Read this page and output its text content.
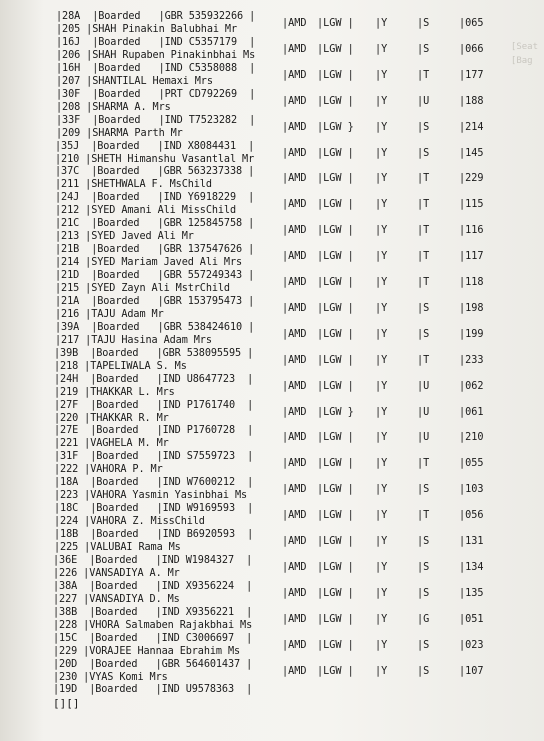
[Seat
[Bag
|28A  |Boarded   |GBR 535932266 |
|205 |SHAH Pinakin Balubhai Mr
|AMD |LGW | |Y	|S	|065
|16J  |Boarded   |IND C5357179  |
|206 |SHAH Rupaben Pinakinbhai Ms
|AMD |LGW | |Y	|S	|066
|16H  |Boarded   |IND C5358088  |
|207 |SHANTILAL Hemaxi Mrs
|AMD |LGW | |Y	|T	|177
|30F  |Boarded   |PRT CD792269  |
|208 |SHARMA A. Mrs
|AMD |LGW | |Y	|U	|188
|33F  |Boarded   |IND T7523282  |
|209 |SHARMA Parth Mr
|AMD |LGW } |Y	|S	|214
|35J  |Boarded   |IND X8084431  |
|210 |SHETH Himanshu Vasantlal Mr
|AMD |LGW | |Y	|S	|145
|37C  |Boarded   |GBR 563237338 |
|211 |SHETHWALA F. MsChild
|AMD |LGW | |Y	|T	|229
|24J  |Boarded   |IND Y6918229  |
|212 |SYED Amani Ali MissChild
|AMD |LGW | |Y	|T	|115
|21C  |Boarded   |GBR 125845758 |
|213 |SYED Javed Ali Mr
|AMD |LGW | |Y	|T	|116
|21B  |Boarded   |GBR 137547626 |
|214 |SYED Mariam Javed Ali Mrs
|AMD |LGW | |Y	|T	|117
|21D  |Boarded   |GBR 557249343 |
|215 |SYED Zayn Ali MstrChild
|AMD |LGW | |Y	|T	|118
|21A  |Boarded   |GBR 153795473 |
|216 |TAJU Adam Mr
|AMD |LGW | |Y	|S	|198
|39A  |Boarded   |GBR 538424610 |
|217 |TAJU Hasina Adam Mrs
|AMD |LGW | |Y	|S	|199
|39B  |Boarded   |GBR 538095595 |
|218 |TAPELIWALA S. Ms
|AMD |LGW | |Y	|T	|233
|24H  |Boarded   |IND U8647723  |
|219 |THAKKAR L. Mrs
|AMD |LGW | |Y	|U	|062
|27F  |Boarded   |IND P1761740  |
|220 |THAKKAR R. Mr
|AMD |LGW } |Y	|U	|061
|27E  |Boarded   |IND P1760728  |
|221 |VAGHELA M. Mr
|AMD |LGW | |Y	|U	|210
|31F  |Boarded   |IND S7559723  |
|222 |VAHORA P. Mr
|AMD |LGW | |Y	|T	|055
|18A  |Boarded   |IND W7600212  |
|223 |VAHORA Yasmin Yasinbhai Ms
|AMD |LGW | |Y	|S	|103
|18C  |Boarded   |IND W9169593  |
|224 |VAHORA Z. MissChild
|AMD |LGW | |Y	|T	|056
|18B  |Boarded   |IND B6920593  |
|225 |VALUBAI Rama Ms
|AMD |LGW | |Y	|S	|131
|36E  |Boarded   |IND W1984327  |
|226 |VANSADIYA A. Mr
|AMD |LGW | |Y	|S	|134
|38A  |Boarded   |IND X9356224  |
|227 |VANSADIYA D. Ms
|AMD |LGW | |Y	|S	|135
|38B  |Boarded   |IND X9356221  |
|228 |VHORA Salmaben Rajakbhai Ms
|AMD |LGW | |Y	|G	|051
|15C  |Boarded   |IND C3006697  |
|229 |VORAJEE Hannaa Ebrahim Ms
|AMD |LGW | |Y	|S	|023
|20D  |Boarded   |GBR 564601437 |
|230 |VYAS Komi Mrs
|AMD |LGW | |Y	|S	|107
|19D  |Boarded   |IND U9578363  |
[][]
